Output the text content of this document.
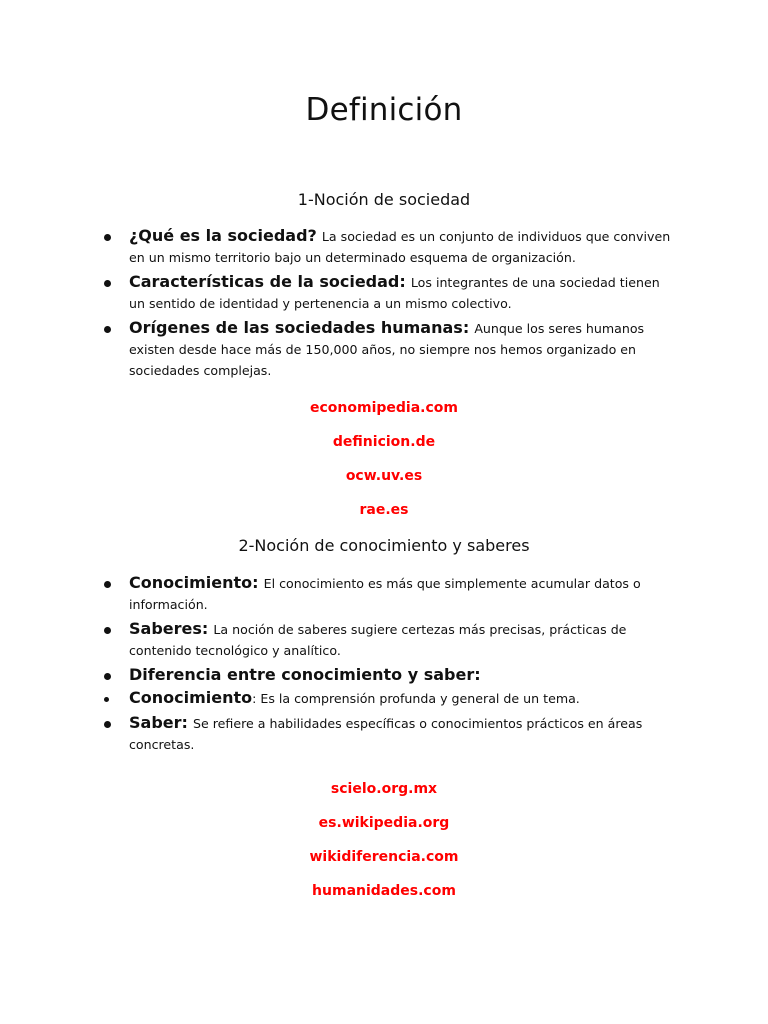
Definición
1-Noción de sociedad
¿Qué es la sociedad? La sociedad es un conjunto de individuos que conviven en un mismo territorio bajo un determinado esquema de organización.
Características de la sociedad: Los integrantes de una sociedad tienen un sentido de identidad y pertenencia a un mismo colectivo.
Orígenes de las sociedades humanas: Aunque los seres humanos existen desde hace más de 150,000 años, no siempre nos hemos organizado en sociedades complejas.

economipedia.com

definicion.de

ocw.uv.es

rae.es

2-Noción de conocimiento y saberes
Conocimiento: El conocimiento es más que simplemente acumular datos o información.
Saberes: La noción de saberes sugiere certezas más precisas, prácticas de contenido tecnológico y analítico.
Diferencia entre conocimiento y saber:
Conocimiento: Es la comprensión profunda y general de un tema.
Saber: Se refiere a habilidades específicas o conocimientos prácticos en áreas concretas.

scielo.org.mx

es.wikipedia.org

wikidiferencia.com

humanidades.com
